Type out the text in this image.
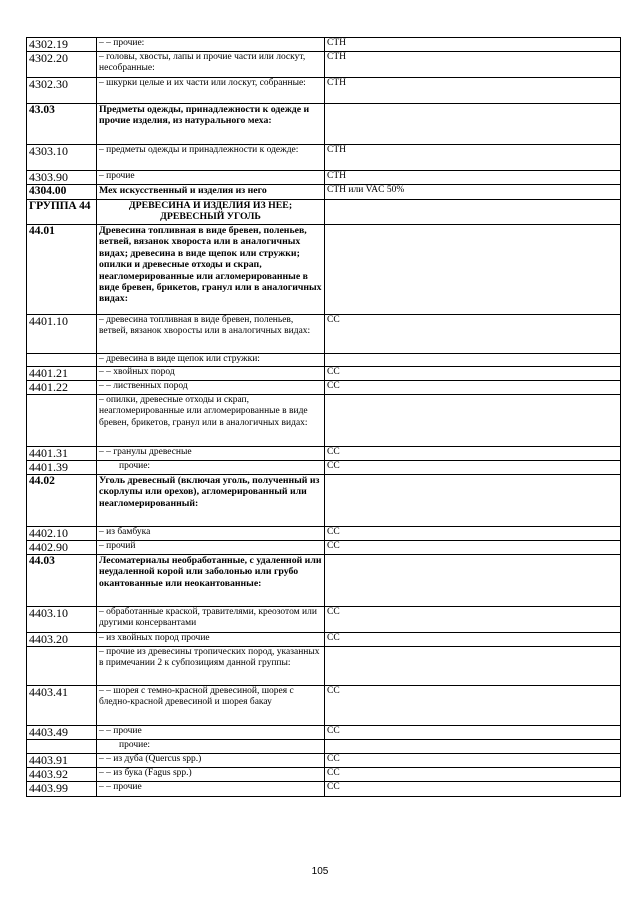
4302.19	– – прочие:	СТН
4302.20	– головы, хвосты, лапы и прочие части или лоскут, несобранные:	СТН
4302.30	– шкурки целые и их части или лоскут, собранные:	СТН
43.03	Предметы одежды, принадлежности к одежде и прочие изделия, из натурального меха:	
4303.10	– предметы одежды и принадлежности к одежде:	СТН
4303.90	– прочие	СТН
4304.00	Мех искусственный и изделия из него	СТН или VAC 50%
ГРУППА 44	ДРЕВЕСИНА И ИЗДЕЛИЯ ИЗ НЕЕ; ДРЕВЕСНЫЙ УГОЛЬ	
44.01	Древесина топливная в виде бревен, поленьев, ветвей, вязанок хвороста или в аналогичных видах; древесина в виде щепок или стружки; опилки и древесные отходы и скрап, неагломерированные или агломерированные в виде бревен, брикетов, гранул или в аналогичных видах:	
4401.10	– древесина топливная в виде бревен, поленьев, ветвей, вязанок хворосты или в аналогичных видах:	СС
	– древесина в виде щепок или стружки:	
4401.21	– – хвойных пород	СС
4401.22	– – лиственных пород	СС
	– опилки, древесные отходы и скрап, неагломерированные или агломерированные в виде бревен, брикетов, гранул или в аналогичных видах:	
4401.31	– – гранулы древесные	СС
4401.39	прочие:	СС
44.02	Уголь древесный (включая уголь, полученный из скорлупы или орехов), агломерированный или неагломерированный:	
4402.10	– из бамбука	СС
4402.90	– прочий	СС
44.03	Лесоматериалы необработанные, с удаленной или неудаленной корой или заболонью или грубо окантованные или неокантованные:	
4403.10	– обработанные краской, травителями, креозотом или другими консервантами	СС
4403.20	– из хвойных пород прочие	СС
	– прочие из древесины тропических пород, указанных в примечании 2 к субпозициям данной группы:	
4403.41	– – шорея с темно-красной древесиной, шорея с бледно-красной древесиной и шорея бакау	СС
4403.49	– – прочие	СС
	прочие:	
4403.91	– – из дуба (Quercus spp.)	СС
4403.92	– – из бука (Fagus spp.)	СС
4403.99	– – прочие	СС
105
